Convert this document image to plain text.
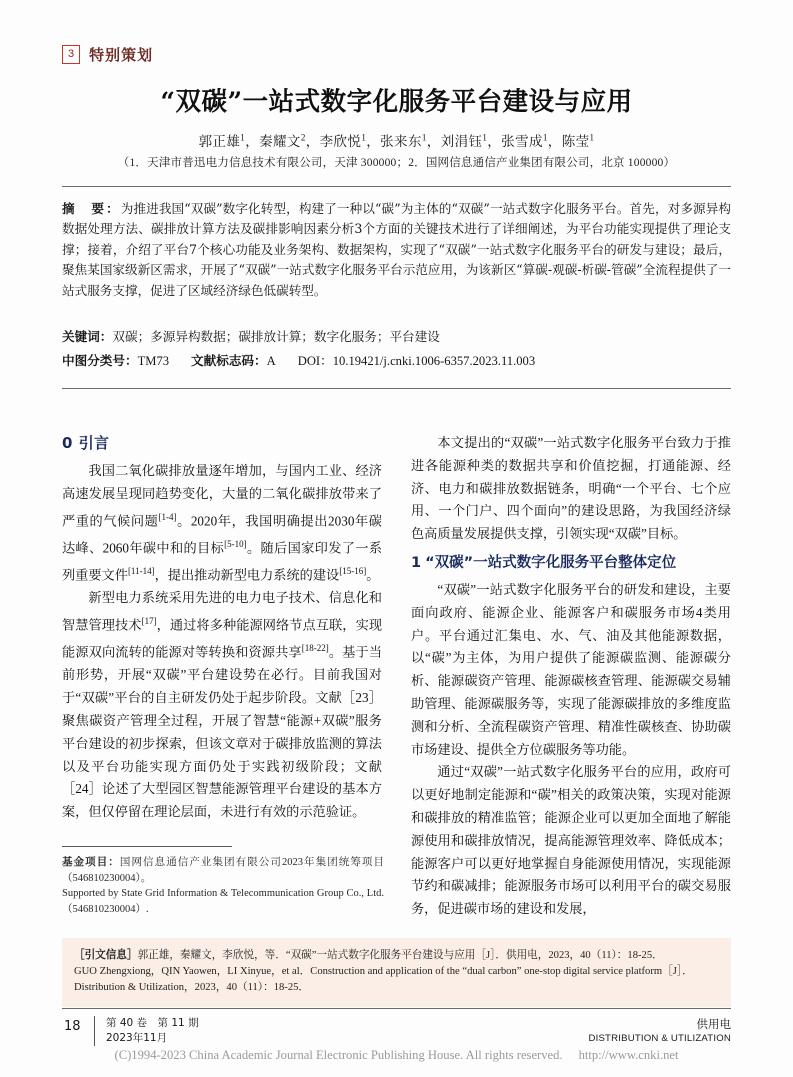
3	特别策划
“双碳”一站式数字化服务平台建设与应用
郭正雄$^1$，秦耀文$^2$，李欣悦$^1$，张来东$^1$，刘涓钰$^1$，张雪成$^1$，陈莹$^1$
（1．天津市普迅电力信息技术有限公司，天津 300000；2．国网信息通信产业集团有限公司，北京 100000）
摘　要：为推进我国“双碳”数字化转型，构建了一种以“碳”为主体的“双碳”一站式数字化服务平台。首先，对多源异构数据处理方法、碳排放计算方法及碳排影响因素分析3个方面的关键技术进行了详细阐述，为平台功能实现提供了理论支撑；接着，介绍了平台7个核心功能及业务架构、数据架构，实现了“双碳”一站式数字化服务平台的研发与建设；最后，聚焦某国家级新区需求，开展了“双碳”一站式数字化服务平台示范应用，为该新区“算碳-观碳-析碳-管碳”全流程提供了一站式服务支撑，促进了区域经济绿色低碳转型。
关键词：双碳；多源异构数据；碳排放计算；数字化服务；平台建设
中图分类号：TM73 文献标志码：A DOI：10.19421/j.cnki.1006-6357.2023.11.003
0 引言

我国二氧化碳排放量逐年增加，与国内工业、经济高速发展呈现同趋势变化，大量的二氧化碳排放带来了严重的气候问题[1-4]。2020年，我国明确提出2030年碳达峰、2060年碳中和的目标[5-10]。随后国家印发了一系列重要文件[11-14]，提出推动新型电力系统的建设[15-16]。

新型电力系统采用先进的电力电子技术、信息化和智慧管理技术[17]，通过将多种能源网络节点互联，实现能源双向流转的能源对等转换和资源共享[18-22]。基于当前形势，开展“双碳”平台建设势在必行。目前我国对于“双碳”平台的自主研发仍处于起步阶段。文献［23］聚焦碳资产管理全过程，开展了智慧“能源+双碳”服务平台建设的初步探索，但该文章对于碳排放监测的算法以及平台功能实现方面仍处于实践初级阶段；文献［24］论述了大型园区智慧能源管理平台建设的基本方案，但仅停留在理论层面，未进行有效的示范验证。

本文提出的“双碳”一站式数字化服务平台致力于推进各能源种类的数据共享和价值挖掘，打通能源、经济、电力和碳排放数据链条，明确“一个平台、七个应用、一个门户、四个面向”的建设思路，为我国经济绿色高质量发展提供支撑，引领实现“双碳”目标。

1 “双碳”一站式数字化服务平台整体定位

“双碳”一站式数字化服务平台的研发和建设，主要面向政府、能源企业、能源客户和碳服务市场4类用户。平台通过汇集电、水、气、油及其他能源数据，以“碳”为主体，为用户提供了能源碳监测、能源碳分析、能源碳资产管理、能源碳核查管理、能源碳交易辅助管理、能源碳服务等，实现了能源碳排放的多维度监测和分析、全流程碳资产管理、精准性碳核查、协助碳市场建设、提供全方位碳服务等功能。

通过“双碳”一站式数字化服务平台的应用，政府可以更好地制定能源和“碳”相关的政策决策，实现对能源和碳排放的精准监管；能源企业可以更加全面地了解能源使用和碳排放情况，提高能源管理效率、降低成本；能源客户可以更好地掌握自身能源使用情况，实现能源节约和碳减排；能源服务市场可以利用平台的碳交易服务，促进碳市场的建设和发展，

基金项目：国网信息通信产业集团有限公司2023年集团统筹项目（546810230004）。
Supported by State Grid Information & Telecommunication Group Co., Ltd.（546810230004）.
［引文信息］郭正雄，秦耀文，李欣悦，等．“双碳”一站式数字化服务平台建设与应用［J］．供用电，2023，40（11）：18-25．
GUO Zhengxiong，QIN Yaowen，LI Xinyue，et al．Construction and application of the “dual carbon” one-stop digital service platform［J］．Distribution & Utilization，2023，40（11）：18-25．
18 第 40 卷　第 11 期
2023年11月
供用电
DISTRIBUTION & UTILIZATION
(C)1994-2023 China Academic Journal Electronic Publishing House. All rights reserved. http://www.cnki.net
